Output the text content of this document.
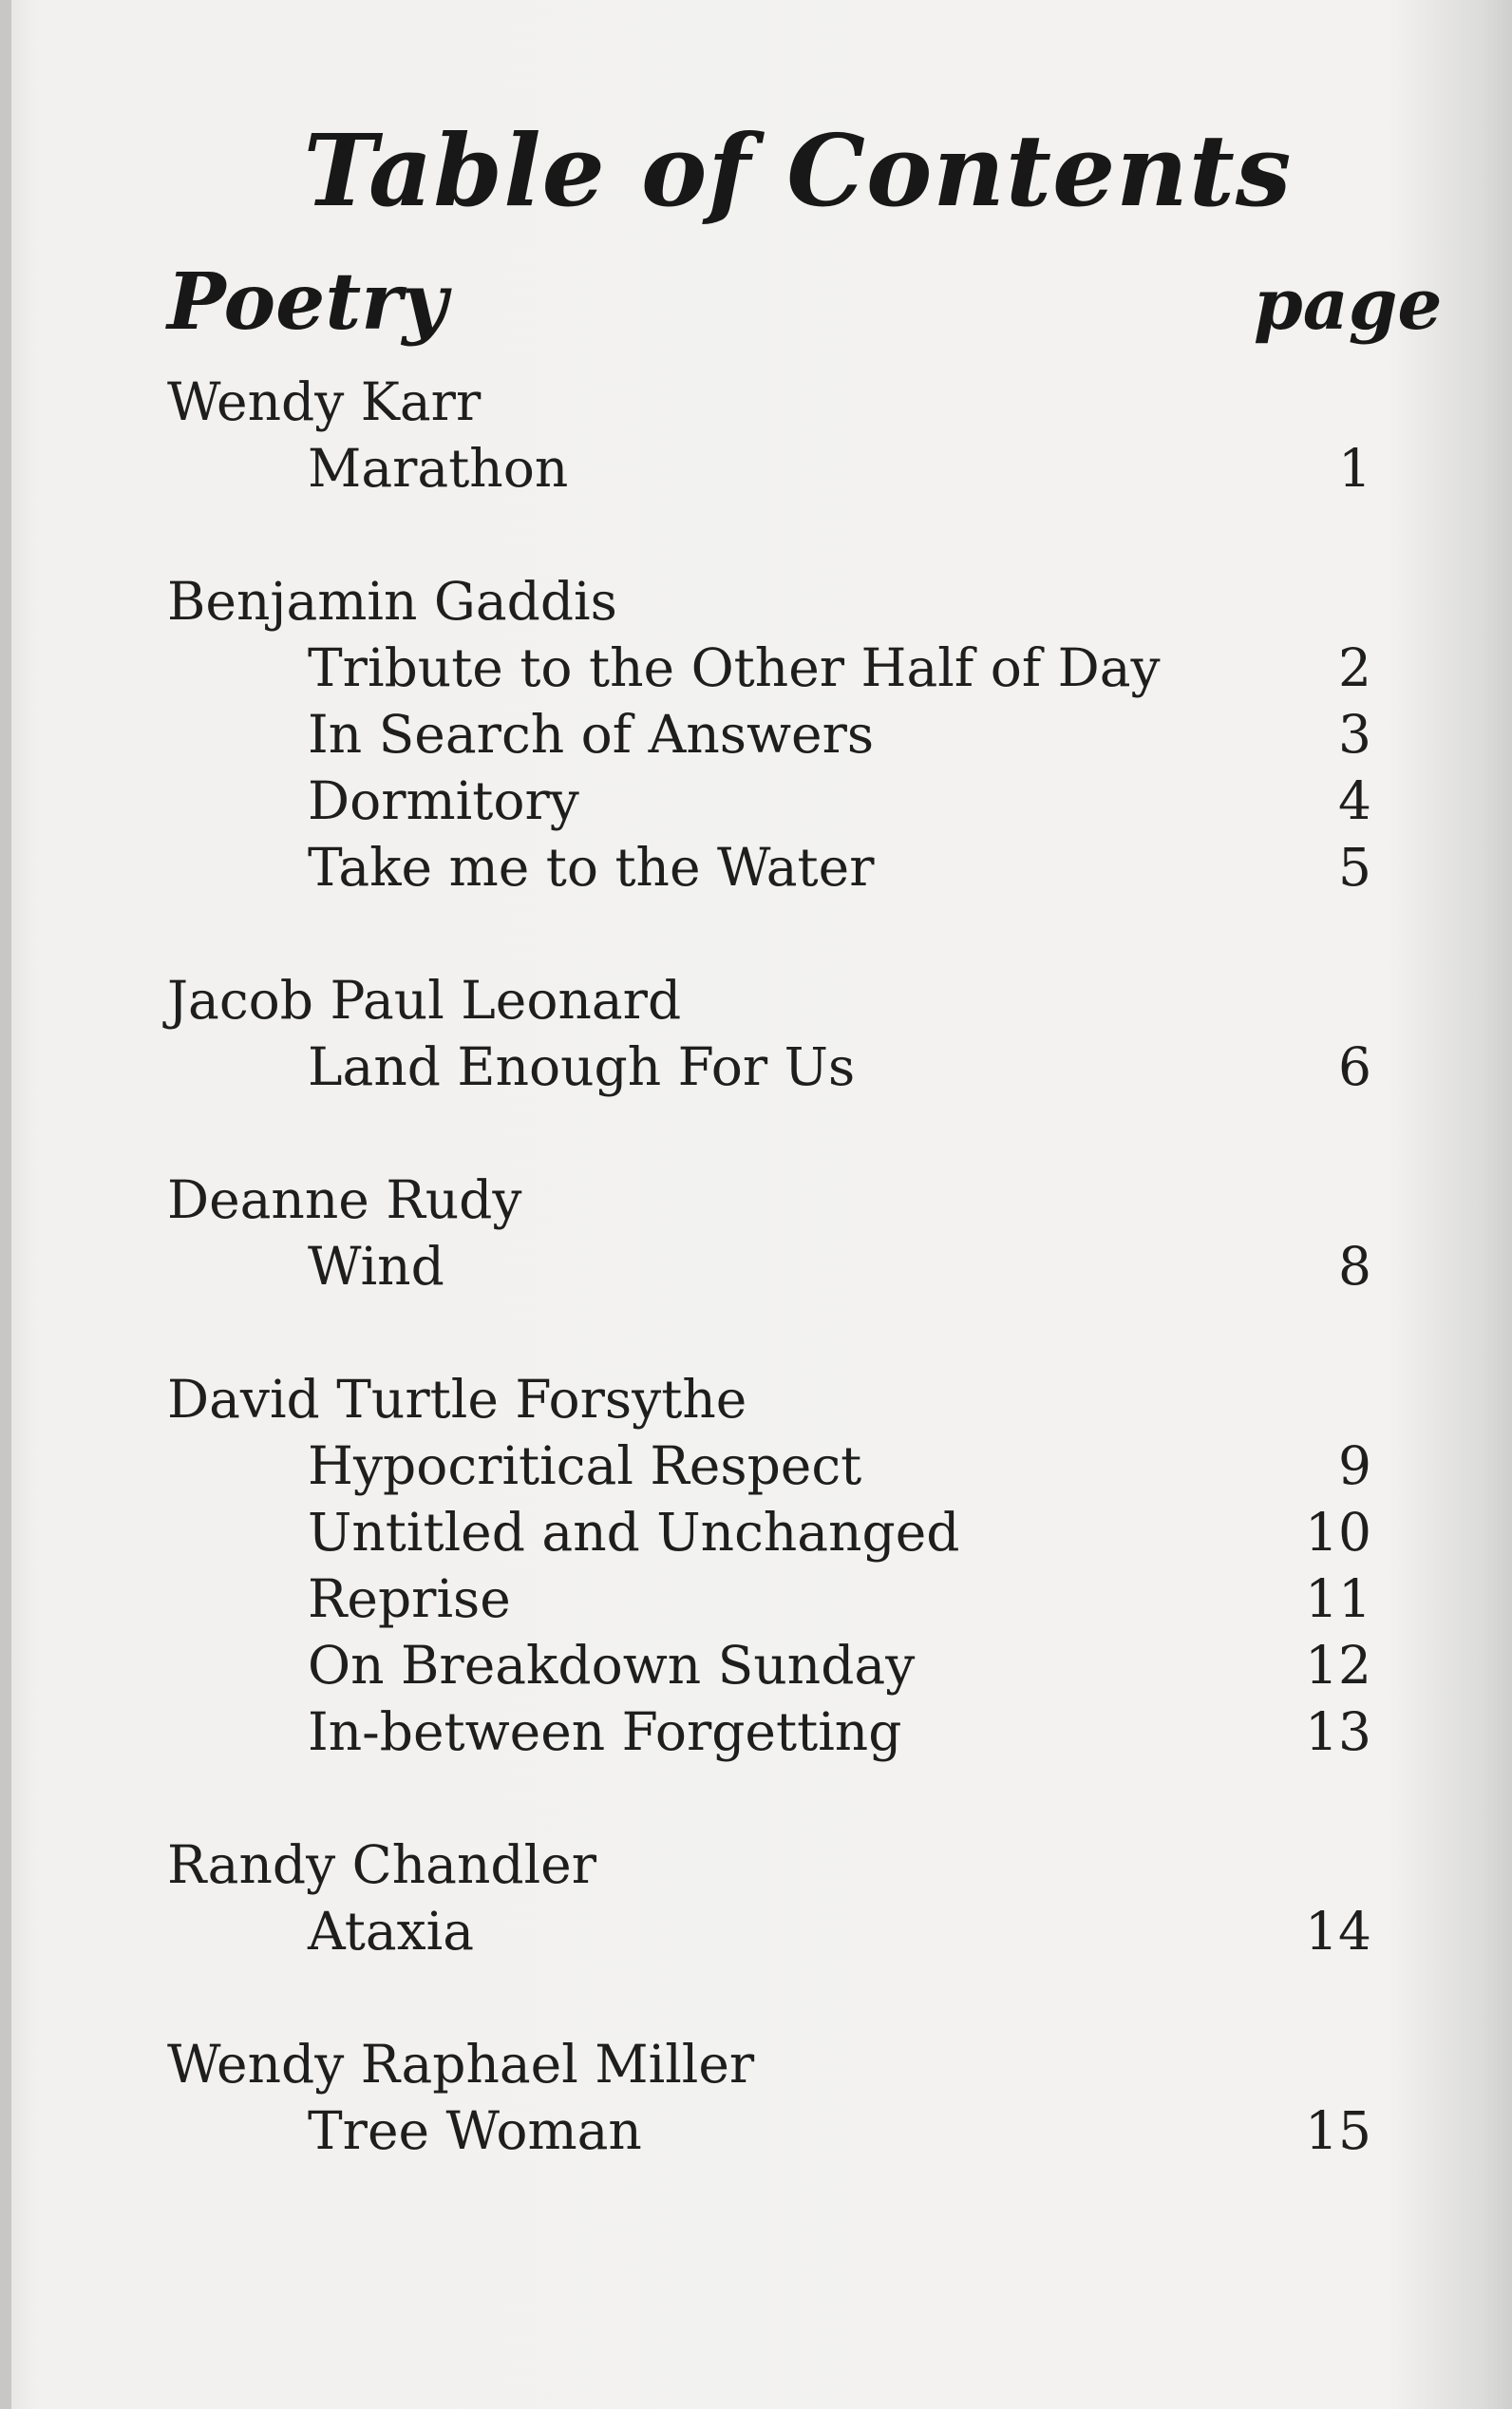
Table of Contents
Poetry	page
Wendy Karr
Marathon	1
Benjamin Gaddis
Tribute to the Other Half of Day	2
In Search of Answers	3
Dormitory	4
Take me to the Water	5
Jacob Paul Leonard
Land Enough For Us	6
Deanne Rudy
Wind	8
David Turtle Forsythe
Hypocritical Respect	9
Untitled and Unchanged	10
Reprise	11
On Breakdown Sunday	12
In-between Forgetting	13
Randy Chandler
Ataxia	14
Wendy Raphael Miller
Tree Woman	15
